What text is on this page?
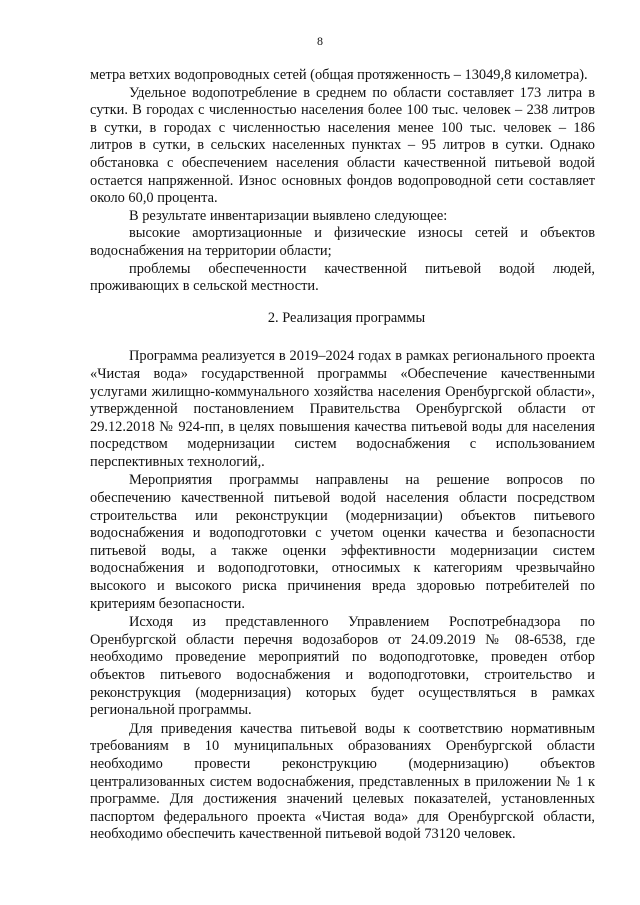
8

метра ветхих водопроводных сетей (общая протяженность – 13049,8 километра).

Удельное водопотребление в среднем по области составляет 173 литра в сутки. В городах с численностью населения более 100 тыс. человек – 238 литров в сутки, в городах с численностью населения менее 100 тыс. человек – 186 литров в сутки, в сельских населенных пунктах – 95 литров в сутки. Однако обстановка с обеспечением населения области качественной питьевой водой остается напряженной. Износ основных фондов водопроводной сети составляет около 60,0 процента.

В результате инвентаризации выявлено следующее:

высокие амортизационные и физические износы сетей и объектов водоснабжения на территории области;

проблемы обеспеченности качественной питьевой водой людей, проживающих в сельской местности.

2. Реализация программы

Программа реализуется в 2019–2024 годах в рамках регионального проекта «Чистая вода» государственной программы «Обеспечение качественными услугами жилищно-коммунального хозяйства населения Оренбургской области», утвержденной постановлением Правительства Оренбургской области от 29.12.2018 № 924-пп, в целях повышения качества питьевой воды для населения посредством модернизации систем водоснабжения с использованием перспективных технологий,.

Мероприятия программы направлены на решение вопросов по обеспечению качественной питьевой водой населения области посредством строительства или реконструкции (модернизации) объектов питьевого водоснабжения и водоподготовки с учетом оценки качества и безопасности питьевой воды, а также оценки эффективности модернизации систем водоснабжения и водоподготовки, относимых к категориям чрезвычайно высокого и высокого риска причинения вреда здоровью потребителей по критериям безопасности.

Исходя из представленного Управлением Роспотребнадзора по Оренбургской области перечня водозаборов от 24.09.2019 № 08-6538, где необходимо проведение мероприятий по водоподготовке, проведен отбор объектов питьевого водоснабжения и водоподготовки, строительство и реконструкция (модернизация) которых будет осуществляться в рамках региональной программы.

Для приведения качества питьевой воды к соответствию нормативным требованиям в 10 муниципальных образованиях Оренбургской области необходимо провести реконструкцию (модернизацию) объектов централизованных систем водоснабжения, представленных в приложении № 1 к программе. Для достижения значений целевых показателей, установленных паспортом федерального проекта «Чистая вода» для Оренбургской области, необходимо обеспечить качественной питьевой водой 73120 человек.
